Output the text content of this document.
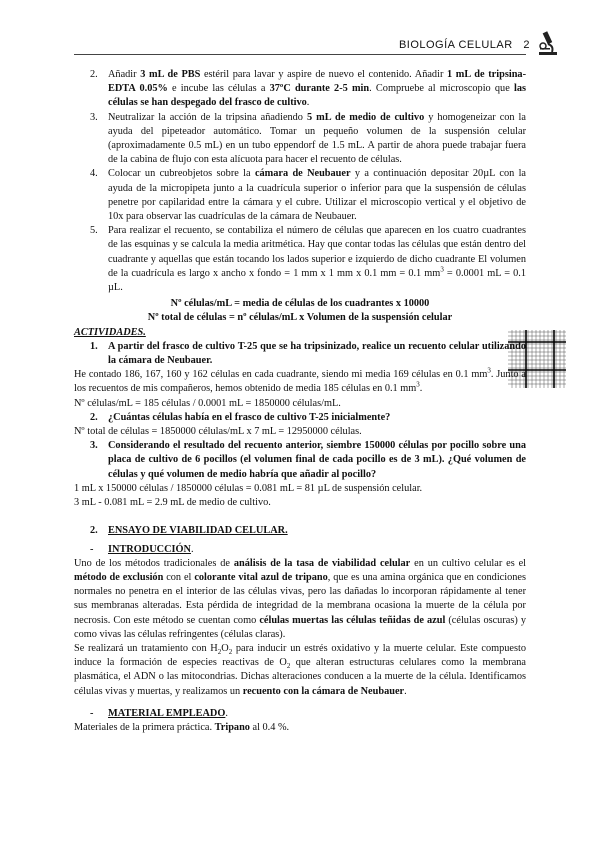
BIOLOGÍA CELULAR 2
2. Añadir 3 mL de PBS estéril para lavar y aspire de nuevo el contenido. Añadir 1 mL de tripsina-EDTA 0.05% e incube las células a 37ºC durante 2-5 min. Compruebe al microscopio que las células se han despegado del frasco de cultivo.
3. Neutralizar la acción de la tripsina añadiendo 5 mL de medio de cultivo y homogeneizar con la ayuda del pipeteador automático. Tomar un pequeño volumen de la suspensión celular (aproximadamente 0.5 mL) en un tubo eppendorf de 1.5 mL. A partir de ahora puede trabajar fuera de la cabina de flujo con esta alícuota para hacer el recuento de células.
4. Colocar un cubreobjetos sobre la cámara de Neubauer y a continuación depositar 20µL con la ayuda de la micropipeta junto a la cuadrícula superior o inferior para que la suspensión de células penetre por capilaridad entre la cámara y el cubre. Utilizar el microscopio vertical y el objetivo de 10x para observar las cuadrículas de la cámara de Neubauer.
5. Para realizar el recuento, se contabiliza el número de células que aparecen en los cuatro cuadrantes de las esquinas y se calcula la media aritmética. Hay que contar todas las células que están dentro del cuadrante y aquellas que están tocando los lados superior e izquierdo de dicho cuadrante El volumen de la cuadrícula es largo x ancho x fondo = 1 mm x 1 mm x 0.1 mm = 0.1 $mm^3 = 0.0001$ mL = 0.1 µL.

Nº células/mL = media de células de los cuadrantes x 10000

Nº total de células = nº células/mL x Volumen de la suspensión celular

ACTIVIDADES.

1. A partir del frasco de cultivo T-25 que se ha tripsinizado, realice un recuento celular utilizando la cámara de Neubauer.

He contado 186, 167, 160 y 162 células en cada cuadrante, siendo mi media 169 células en 0.1 $mm^3$. Junto a los recuentos de mis compañeros, hemos obtenido de media 185 células en 0.1 $mm^3$.

Nº células/mL = 185 células / 0.0001 mL = 1850000 células/mL.

2. ¿Cuántas células había en el frasco de cultivo T-25 inicialmente?

Nº total de células = 1850000 células/mL x 7 mL = 12950000 células.

3. Considerando el resultado del recuento anterior, siembre 150000 células por pocillo sobre una placa de cultivo de 6 pocillos (el volumen final de cada pocillo es de 3 mL). ¿Qué volumen de células y qué volumen de medio habría que añadir al pocillo?

1 mL x 150000 células / 1850000 células = 0.081 mL = 81 µL de suspensión celular.

3 mL - 0.081 mL = 2.9 mL de medio de cultivo.

2. ENSAYO DE VIABILIDAD CELULAR.
- INTRODUCCIÓN.

Uno de los métodos tradicionales de análisis de la tasa de viabilidad celular en un cultivo celular es el método de exclusión con el colorante vital azul de tripano, que es una amina orgánica que en condiciones normales no penetra en el interior de las células vivas, pero las dañadas lo incorporan rápidamente al tener sus membranas alteradas. Esta pérdida de integridad de la membrana ocasiona la muerte de la célula por necrosis. Con este método se cuentan como células muertas las células teñidas de azul (células oscuras) y como vivas las células refringentes (células claras).

Se realizará un tratamiento con $H_2O_2$ para inducir un estrés oxidativo y la muerte celular. Este compuesto induce la formación de especies reactivas de $O_2$ que alteran estructuras celulares como la membrana plasmática, el ADN o las mitocondrias. Dichas alteraciones conducen a la muerte de la célula. Identificamos células vivas y muertas, y realizamos un recuento con la cámara de Neubauer.

- MATERIAL EMPLEADO.

Materiales de la primera práctica. Tripano al 0.4 %.
